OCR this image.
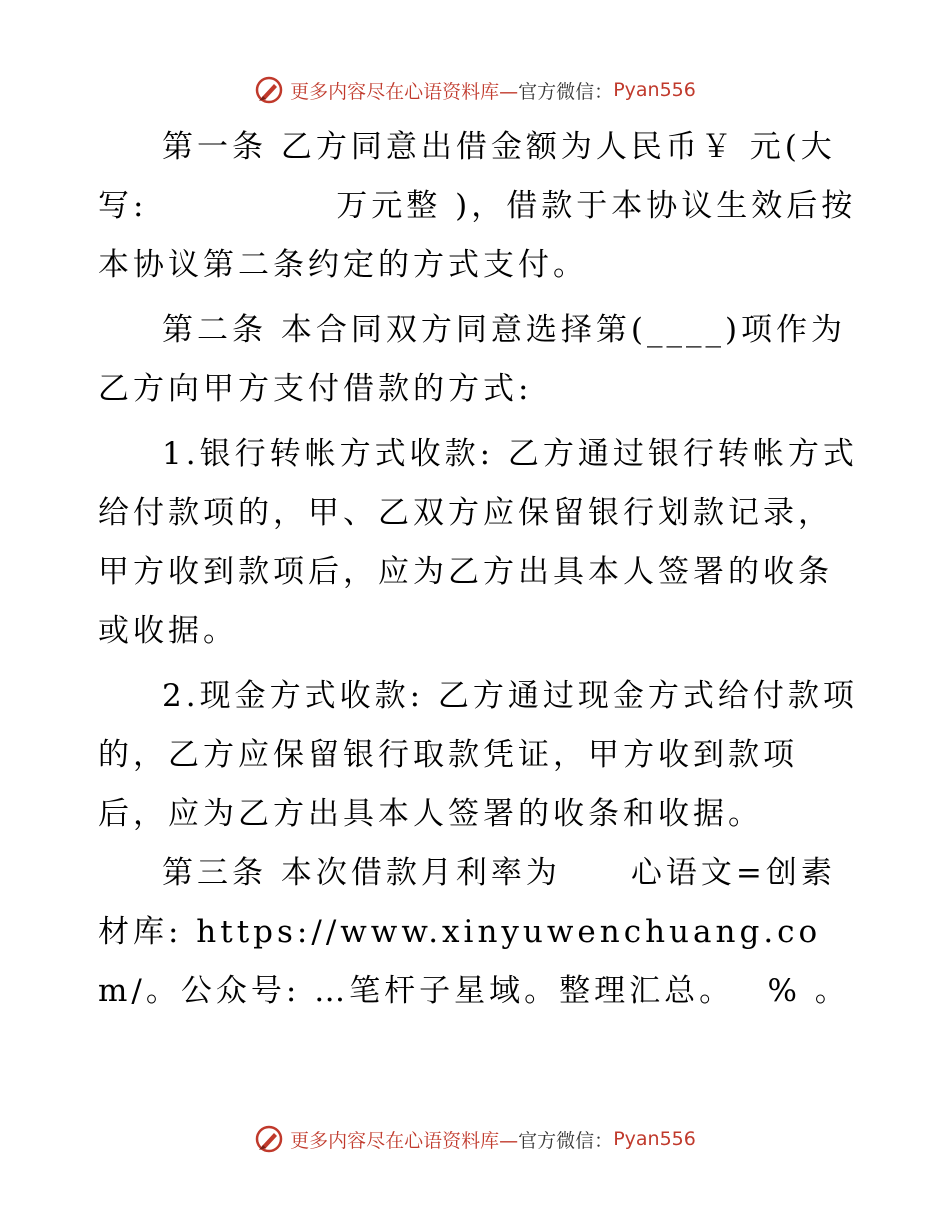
更多内容尽在心语资料库— 官方微信： Pyan556

第一条 乙方同意出借金额为人民币￥ 元(大写:　　　　　 万元整 )，借款于本协议生效后按本协议第二条约定的方式支付。

第二条 本合同双方同意选择第(____)项作为乙方向甲方支付借款的方式:

1.银行转帐方式收款: 乙方通过银行转帐方式给付款项的，甲、乙双方应保留银行划款记录，甲方收到款项后，应为乙方出具本人签署的收条或收据。

2.现金方式收款: 乙方通过现金方式给付款项的，乙方应保留银行取款凭证，甲方收到款项后，应为乙方出具本人签署的收条和收据。

第三条 本次借款月利率为　　心语文=创素材库: https://www.xinyuwenchuang.com/。公众号: …笔杆子星域。整理汇总。　 % 。

更多内容尽在心语资料库— 官方微信： Pyan556
